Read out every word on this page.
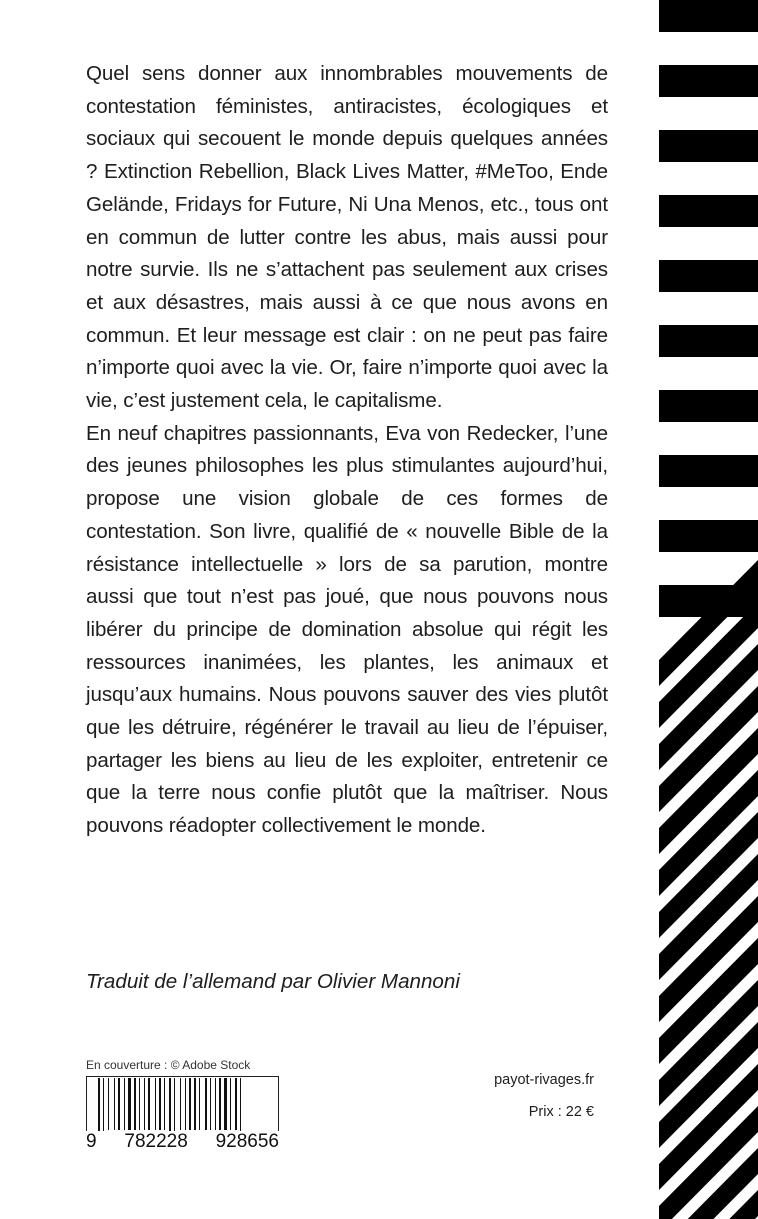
Quel sens donner aux innombrables mouvements de contestation féministes, antiracistes, écologiques et sociaux qui secouent le monde depuis quelques années ? Extinction Rebellion, Black Lives Matter, #MeToo, Ende Gelände, Fridays for Future, Ni Una Menos, etc., tous ont en commun de lutter contre les abus, mais aussi pour notre survie. Ils ne s’attachent pas seulement aux crises et aux désastres, mais aussi à ce que nous avons en commun. Et leur message est clair : on ne peut pas faire n’importe quoi avec la vie. Or, faire n’importe quoi avec la vie, c’est justement cela, le capitalisme.

En neuf chapitres passionnants, Eva von Redecker, l’une des jeunes philosophes les plus stimulantes aujourd’hui, propose une vision globale de ces formes de contestation. Son livre, qualifié de « nouvelle Bible de la résistance intellectuelle » lors de sa parution, montre aussi que tout n’est pas joué, que nous pouvons nous libérer du principe de domination absolue qui régit les ressources inanimées, les plantes, les animaux et jusqu’aux humains. Nous pouvons sauver des vies plutôt que les détruire, régénérer le travail au lieu de l’épuiser, partager les biens au lieu de les exploiter, entretenir ce que la terre nous confie plutôt que la maîtriser. Nous pouvons réadopter collectivement le monde.

Traduit de l’allemand par Olivier Mannoni
En couverture : © Adobe Stock
9 782228 928656
payot-rivages.fr
Prix : 22 €
